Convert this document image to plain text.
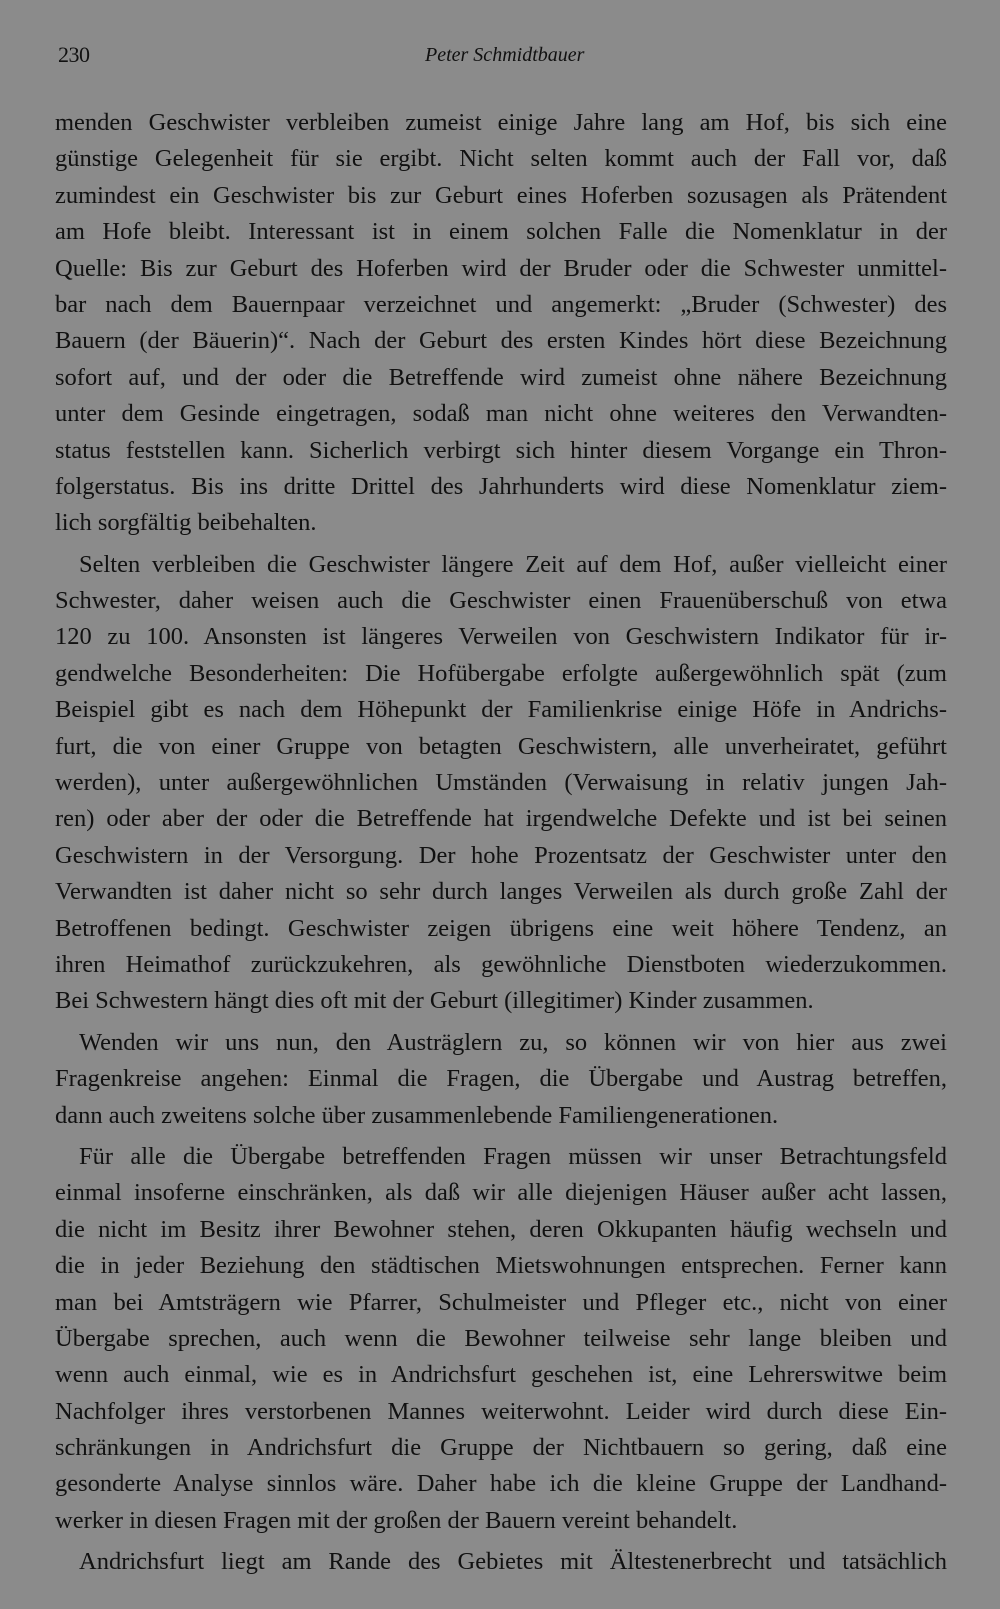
230	Peter Schmidtbauer
menden Geschwister verbleiben zumeist einige Jahre lang am Hof, bis sich eine
günstige Gelegenheit für sie ergibt. Nicht selten kommt auch der Fall vor, daß
zumindest ein Geschwister bis zur Geburt eines Hoferben sozusagen als Prätendent
am Hofe bleibt. Interessant ist in einem solchen Falle die Nomenklatur in der
Quelle: Bis zur Geburt des Hoferben wird der Bruder oder die Schwester unmittel-
bar nach dem Bauernpaar verzeichnet und angemerkt: „Bruder (Schwester) des
Bauern (der Bäuerin)“. Nach der Geburt des ersten Kindes hört diese Bezeichnung
sofort auf, und der oder die Betreffende wird zumeist ohne nähere Bezeichnung
unter dem Gesinde eingetragen, sodaß man nicht ohne weiteres den Verwandten-
status feststellen kann. Sicherlich verbirgt sich hinter diesem Vorgange ein Thron-
folgerstatus. Bis ins dritte Drittel des Jahrhunderts wird diese Nomenklatur ziem-
lich sorgfältig beibehalten.
Selten verbleiben die Geschwister längere Zeit auf dem Hof, außer vielleicht einer
Schwester, daher weisen auch die Geschwister einen Frauenüberschuß von etwa
120 zu 100. Ansonsten ist längeres Verweilen von Geschwistern Indikator für ir-
gendwelche Besonderheiten: Die Hofübergabe erfolgte außergewöhnlich spät (zum
Beispiel gibt es nach dem Höhepunkt der Familienkrise einige Höfe in Andrichs-
furt, die von einer Gruppe von betagten Geschwistern, alle unverheiratet, geführt
werden), unter außergewöhnlichen Umständen (Verwaisung in relativ jungen Jah-
ren) oder aber der oder die Betreffende hat irgendwelche Defekte und ist bei seinen
Geschwistern in der Versorgung. Der hohe Prozentsatz der Geschwister unter den
Verwandten ist daher nicht so sehr durch langes Verweilen als durch große Zahl der
Betroffenen bedingt. Geschwister zeigen übrigens eine weit höhere Tendenz, an
ihren Heimathof zurückzukehren, als gewöhnliche Dienstboten wiederzukommen.
Bei Schwestern hängt dies oft mit der Geburt (illegitimer) Kinder zusammen.
Wenden wir uns nun, den Austräglern zu, so können wir von hier aus zwei
Fragenkreise angehen: Einmal die Fragen, die Übergabe und Austrag betreffen,
dann auch zweitens solche über zusammenlebende Familiengenerationen.
Für alle die Übergabe betreffenden Fragen müssen wir unser Betrachtungsfeld
einmal insoferne einschränken, als daß wir alle diejenigen Häuser außer acht lassen,
die nicht im Besitz ihrer Bewohner stehen, deren Okkupanten häufig wechseln und
die in jeder Beziehung den städtischen Mietswohnungen entsprechen. Ferner kann
man bei Amtsträgern wie Pfarrer, Schulmeister und Pfleger etc., nicht von einer
Übergabe sprechen, auch wenn die Bewohner teilweise sehr lange bleiben und
wenn auch einmal, wie es in Andrichsfurt geschehen ist, eine Lehrerswitwe beim
Nachfolger ihres verstorbenen Mannes weiterwohnt. Leider wird durch diese Ein-
schränkungen in Andrichsfurt die Gruppe der Nichtbauern so gering, daß eine
gesonderte Analyse sinnlos wäre. Daher habe ich die kleine Gruppe der Landhand-
werker in diesen Fragen mit der großen der Bauern vereint behandelt.
Andrichsfurt liegt am Rande des Gebietes mit Ältestenerbrecht und tatsächlich
